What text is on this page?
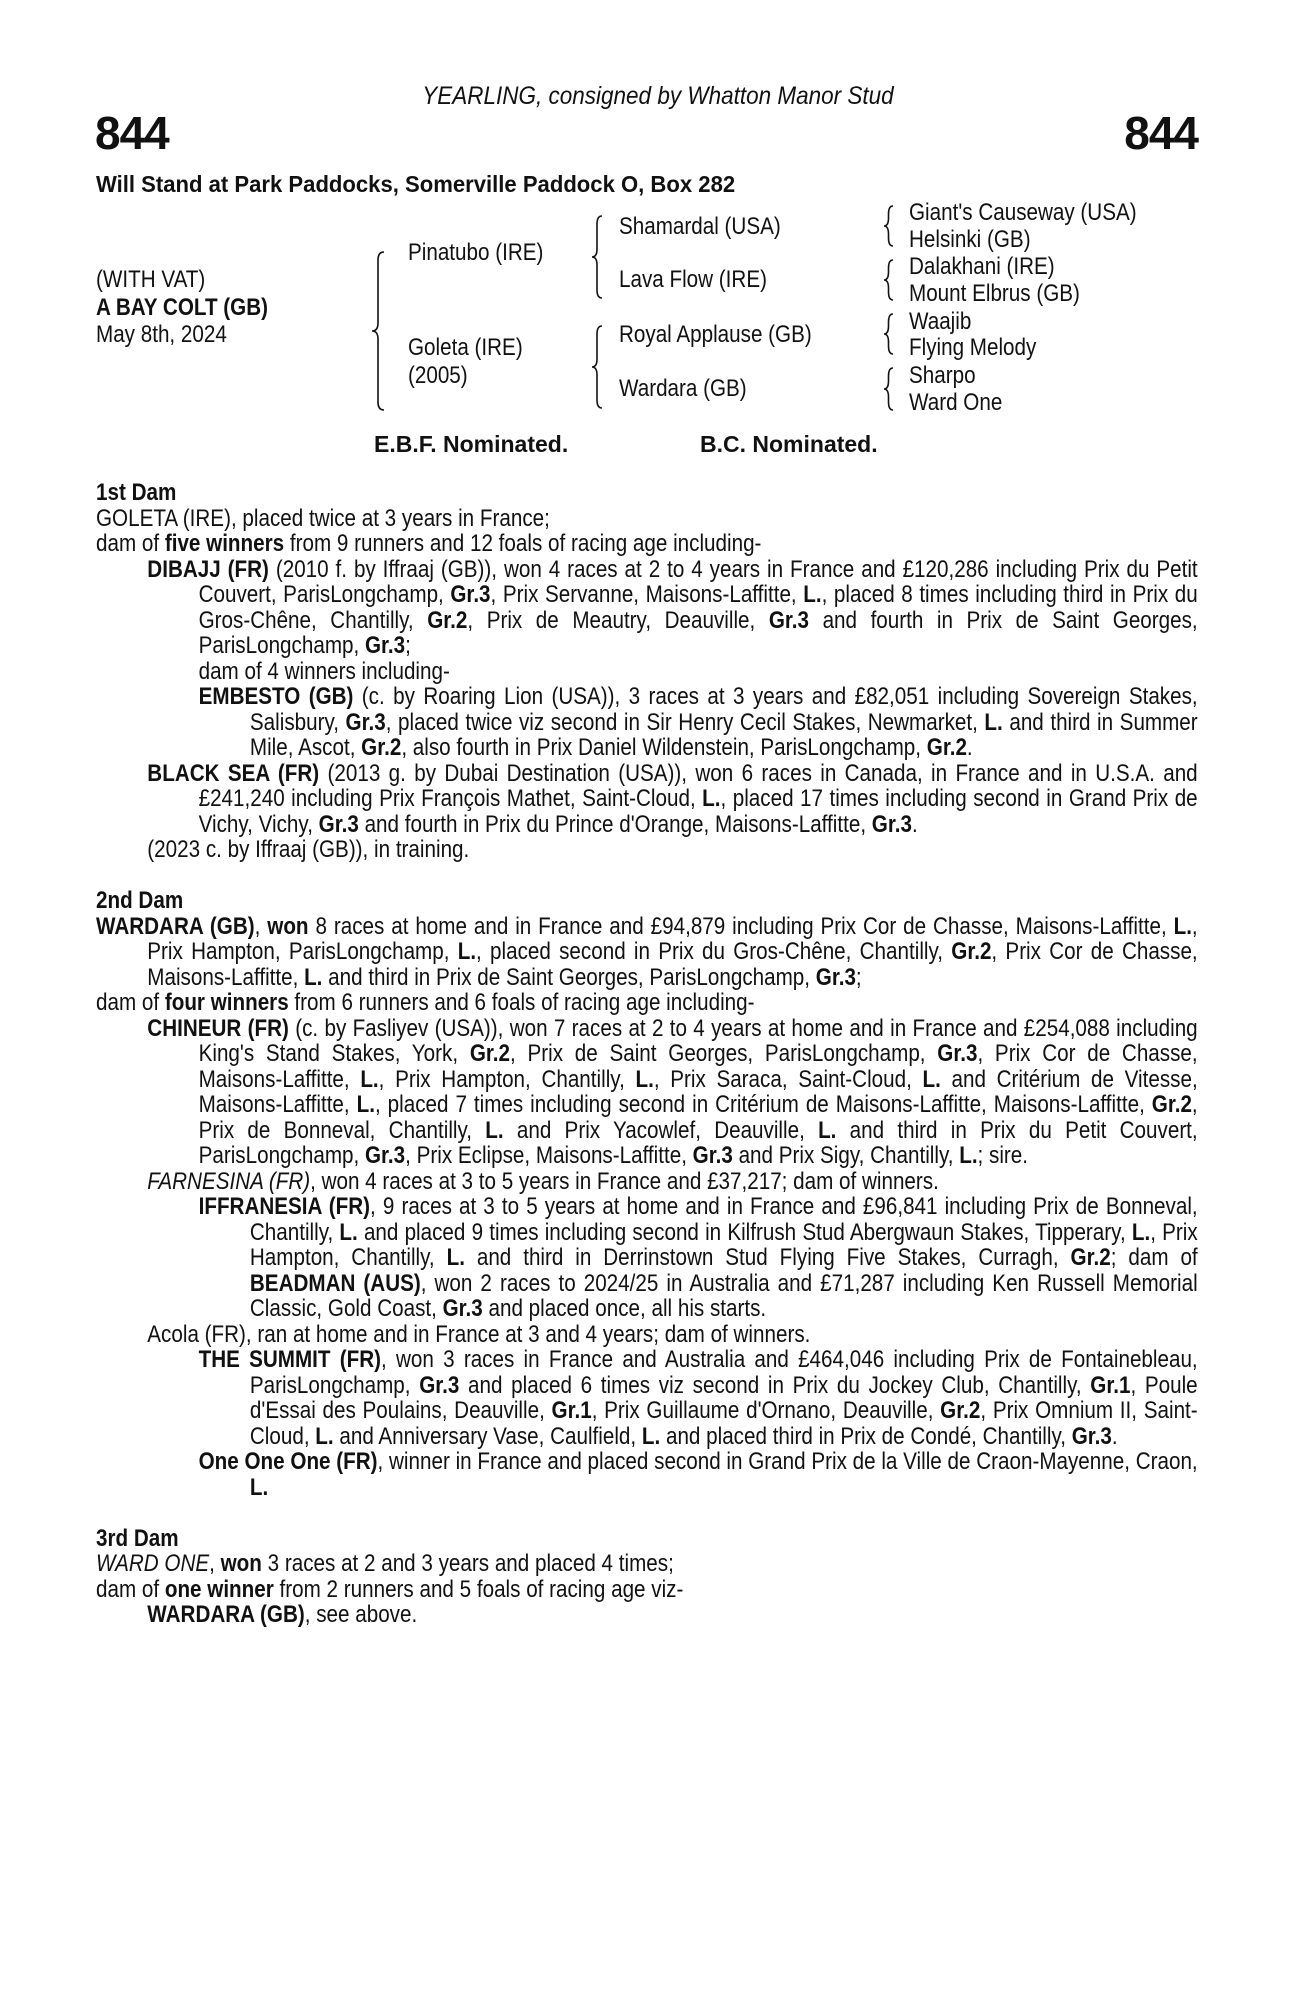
YEARLING, consigned by Whatton Manor Stud
844	844
Will Stand at Park Paddocks, Somerville Paddock O, Box 282
(WITH VAT)
A BAY COLT (GB)
May 8th, 2024
Pinatubo (IRE)
Goleta (IRE)
(2005)
Shamardal (USA)
Lava Flow (IRE)
Royal Applause (GB)
Wardara (GB)
Giant's Causeway (USA)
Helsinki (GB)
Dalakhani (IRE)
Mount Elbrus (GB)
Waajib
Flying Melody
Sharpo
Ward One
E.B.F. Nominated.	B.C. Nominated.
1st Dam

GOLETA (IRE), placed twice at 3 years in France;

dam of five winners from 9 runners and 12 foals of racing age including-

DIBAJJ (FR) (2010 f. by Iffraaj (GB)), won 4 races at 2 to 4 years in France and £120,286 including Prix du Petit Couvert, ParisLongchamp, Gr.3, Prix Servanne, Maisons-Laffitte, L., placed 8 times including third in Prix du Gros-Chêne, Chantilly, Gr.2, Prix de Meautry, Deauville, Gr.3 and fourth in Prix de Saint Georges, ParisLongchamp, Gr.3;

dam of 4 winners including-

EMBESTO (GB) (c. by Roaring Lion (USA)), 3 races at 3 years and £82,051 including Sovereign Stakes, Salisbury, Gr.3, placed twice viz second in Sir Henry Cecil Stakes, Newmarket, L. and third in Summer Mile, Ascot, Gr.2, also fourth in Prix Daniel Wildenstein, ParisLongchamp, Gr.2.

BLACK SEA (FR) (2013 g. by Dubai Destination (USA)), won 6 races in Canada, in France and in U.S.A. and £241,240 including Prix François Mathet, Saint-Cloud, L., placed 17 times including second in Grand Prix de Vichy, Vichy, Gr.3 and fourth in Prix du Prince d'Orange, Maisons-Laffitte, Gr.3.

(2023 c. by Iffraaj (GB)), in training.

2nd Dam

WARDARA (GB), won 8 races at home and in France and £94,879 including Prix Cor de Chasse, Maisons-Laffitte, L., Prix Hampton, ParisLongchamp, L., placed second in Prix du Gros-Chêne, Chantilly, Gr.2, Prix Cor de Chasse, Maisons-Laffitte, L. and third in Prix de Saint Georges, ParisLongchamp, Gr.3;

dam of four winners from 6 runners and 6 foals of racing age including-

CHINEUR (FR) (c. by Fasliyev (USA)), won 7 races at 2 to 4 years at home and in France and £254,088 including King's Stand Stakes, York, Gr.2, Prix de Saint Georges, ParisLongchamp, Gr.3, Prix Cor de Chasse, Maisons-Laffitte, L., Prix Hampton, Chantilly, L., Prix Saraca, Saint-Cloud, L. and Critérium de Vitesse, Maisons-Laffitte, L., placed 7 times including second in Critérium de Maisons-Laffitte, Maisons-Laffitte, Gr.2, Prix de Bonneval, Chantilly, L. and Prix Yacowlef, Deauville, L. and third in Prix du Petit Couvert, ParisLongchamp, Gr.3, Prix Eclipse, Maisons-Laffitte, Gr.3 and Prix Sigy, Chantilly, L.; sire.

FARNESINA (FR), won 4 races at 3 to 5 years in France and £37,217; dam of winners.

IFFRANESIA (FR), 9 races at 3 to 5 years at home and in France and £96,841 including Prix de Bonneval, Chantilly, L. and placed 9 times including second in Kilfrush Stud Abergwaun Stakes, Tipperary, L., Prix Hampton, Chantilly, L. and third in Derrinstown Stud Flying Five Stakes, Curragh, Gr.2; dam of BEADMAN (AUS), won 2 races to 2024/25 in Australia and £71,287 including Ken Russell Memorial Classic, Gold Coast, Gr.3 and placed once, all his starts.

Acola (FR), ran at home and in France at 3 and 4 years; dam of winners.

THE SUMMIT (FR), won 3 races in France and Australia and £464,046 including Prix de Fontainebleau, ParisLongchamp, Gr.3 and placed 6 times viz second in Prix du Jockey Club, Chantilly, Gr.1, Poule d'Essai des Poulains, Deauville, Gr.1, Prix Guillaume d'Ornano, Deauville, Gr.2, Prix Omnium II, Saint-Cloud, L. and Anniversary Vase, Caulfield, L. and placed third in Prix de Condé, Chantilly, Gr.3.

One One One (FR), winner in France and placed second in Grand Prix de la Ville de Craon-Mayenne, Craon, L.

3rd Dam

WARD ONE, won 3 races at 2 and 3 years and placed 4 times;

dam of one winner from 2 runners and 5 foals of racing age viz-

WARDARA (GB), see above.
